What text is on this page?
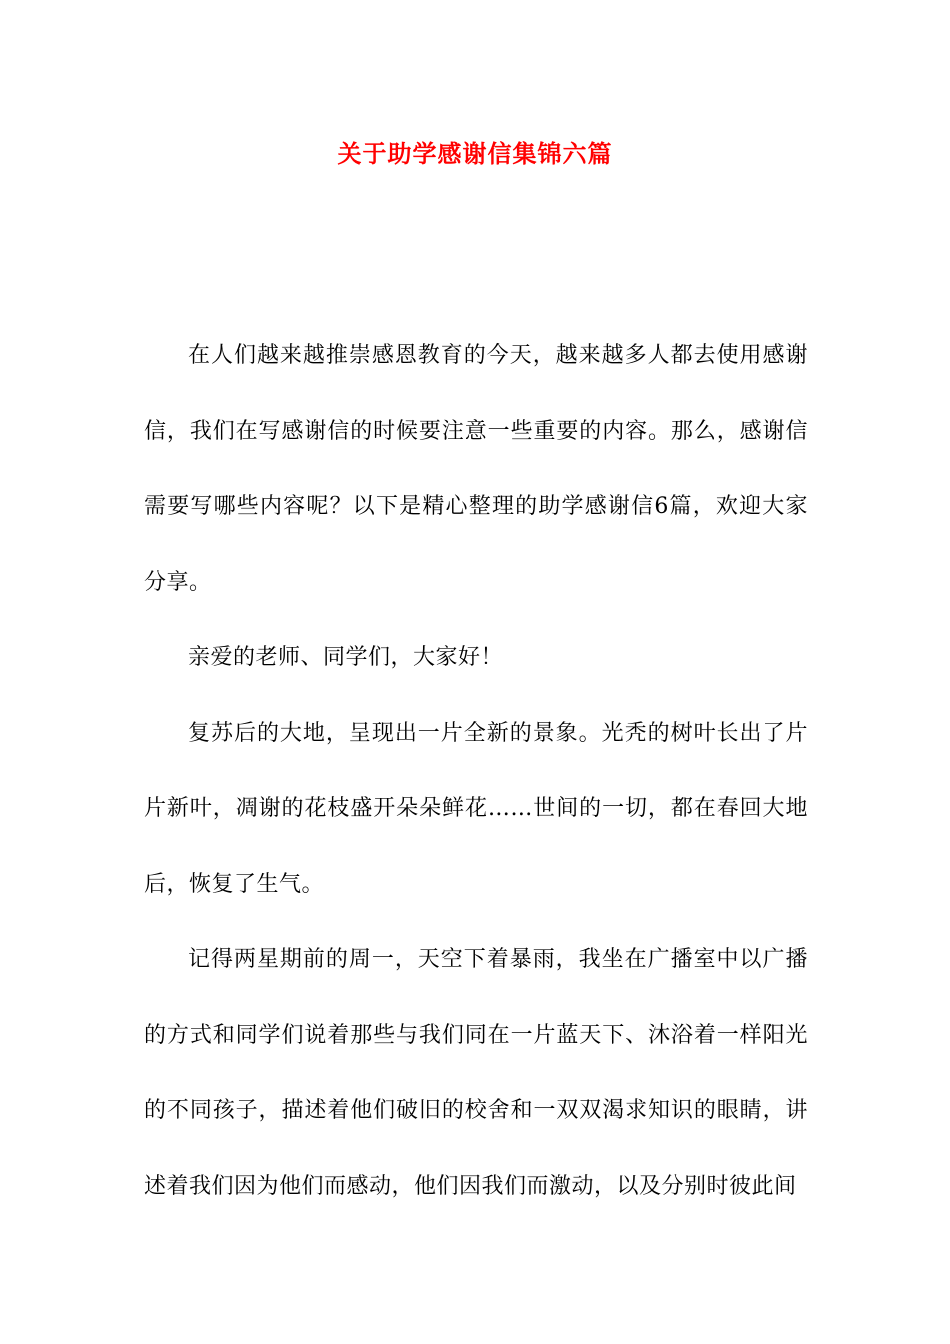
关于助学感谢信集锦六篇

在人们越来越推崇感恩教育的今天，越来越多人都去使用感谢信，我们在写感谢信的时候要注意一些重要的内容。那么，感谢信需要写哪些内容呢？以下是精心整理的助学感谢信6篇，欢迎大家分享。

亲爱的老师、同学们，大家好！

复苏后的大地，呈现出一片全新的景象。光秃的树叶长出了片片新叶，凋谢的花枝盛开朵朵鲜花……世间的一切，都在春回大地后，恢复了生气。

记得两星期前的周一，天空下着暴雨，我坐在广播室中以广播的方式和同学们说着那些与我们同在一片蓝天下、沐浴着一样阳光的不同孩子，描述着他们破旧的校舍和一双双渴求知识的眼睛，讲述着我们因为他们而感动，他们因我们而激动，以及分别时彼此间
